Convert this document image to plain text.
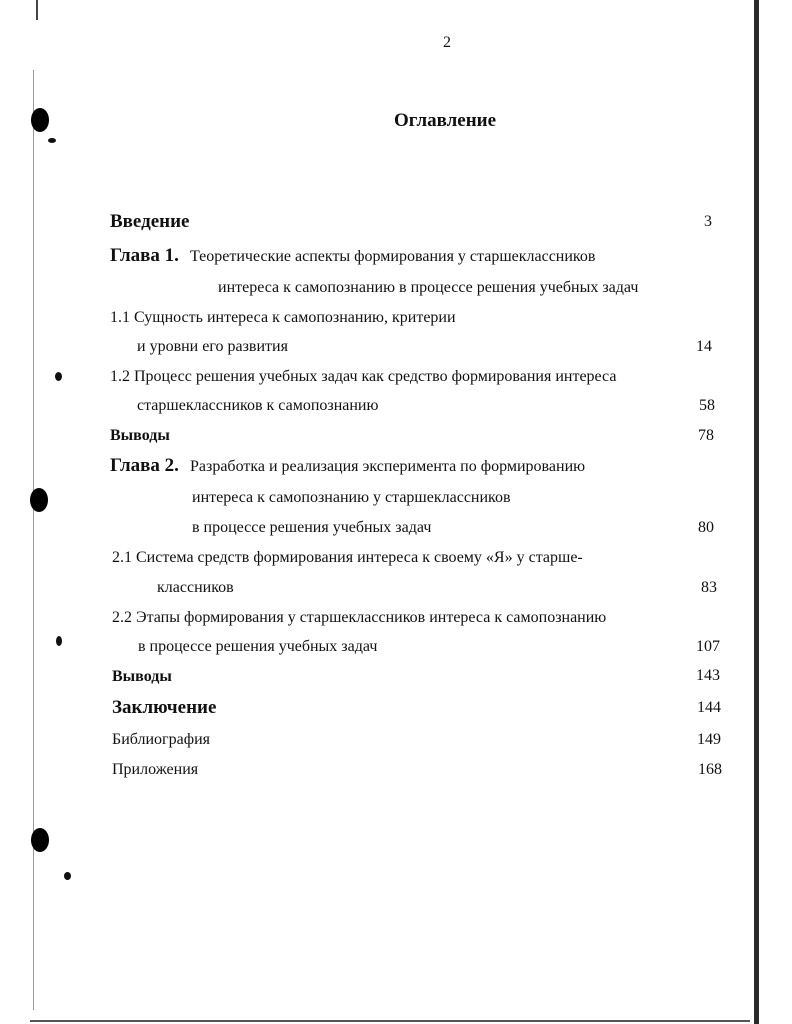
2
Оглавление
Введение	3
Глава 1. Теоретические аспекты формирования у старшеклассников
интереса к самопознанию в процессе решения учебных задач
1.1 Сущность интереса к самопознанию, критерии
и уровни его развития	14
1.2 Процесс решения учебных задач как средство формирования интереса
старшеклассников к самопознанию	58
Выводы	78
Глава 2. Разработка и реализация эксперимента по формированию
интереса к самопознанию у старшеклассников
в процессе решения учебных задач	80
2.1 Система средств формирования интереса к своему «Я» у старше-
классников	83
2.2 Этапы формирования у старшеклассников интереса к самопознанию
в процессе решения учебных задач	107
Выводы	143
Заключение	144
Библиография	149
Приложения	168
